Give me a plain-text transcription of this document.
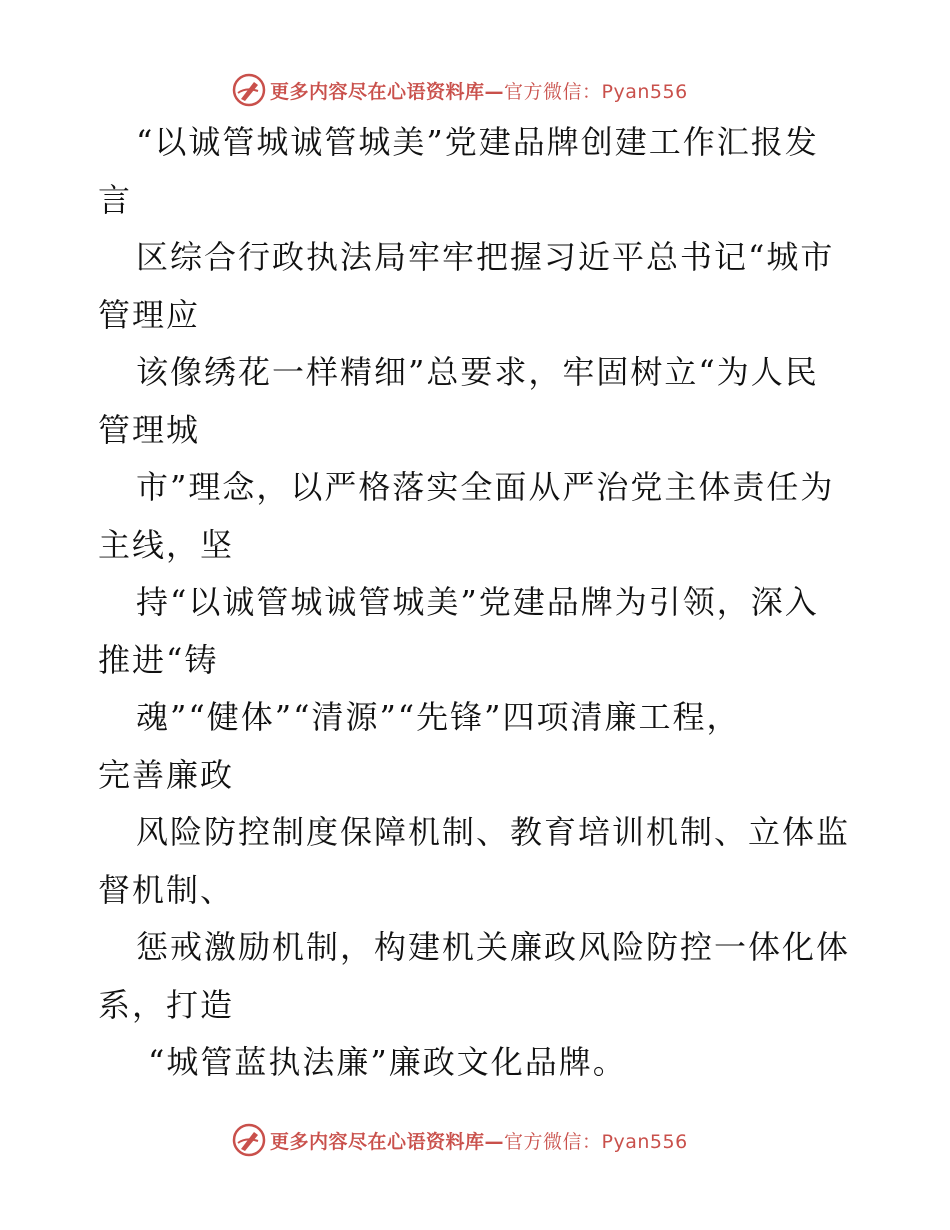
更多内容尽在心语资料库— 官方微信：Pyan556
“以诚管城诚管城美”党建品牌创建工作汇报发
言
区综合行政执法局牢牢把握习近平总书记“城市
管理应
该像绣花一样精细”总要求，牢固树立“为人民
管理城
市”理念，以严格落实全面从严治党主体责任为
主线，坚
持“以诚管城诚管城美”党建品牌为引领，深入
推进“铸
魂”“健体”“清源”“先锋”四项清廉工程，
完善廉政
风险防控制度保障机制、教育培训机制、立体监
督机制、
惩戒激励机制，构建机关廉政风险防控一体化体
系，打造
“城管蓝执法廉”廉政文化品牌。
更多内容尽在心语资料库— 官方微信：Pyan556
